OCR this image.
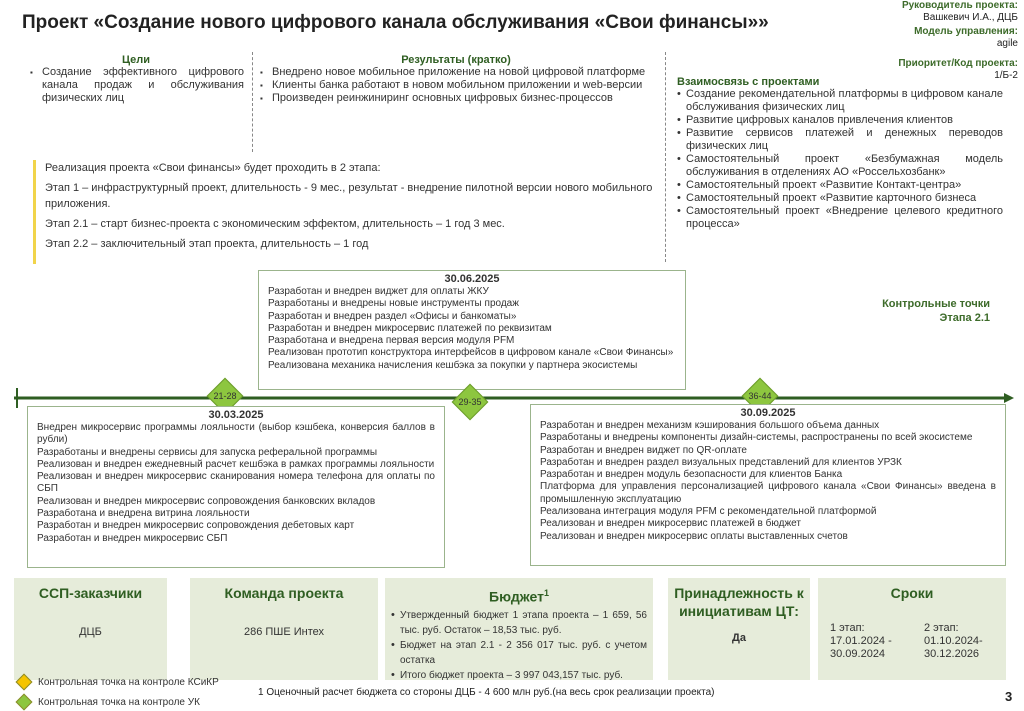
Проект «Создание нового цифрового канала обслуживания «Свои финансы»»
Руководитель проекта:
Вашкевич И.А., ДЦБ
Модель управления:
agile
Приоритет/Код проекта:
1/Б-2
Цели
▪ Создание эффективного цифрового канала продаж и обслуживания физических лиц
Результаты (кратко)
▪ Внедрено новое мобильное приложение на новой цифровой платформе
▪ Клиенты банка работают в новом мобильном приложении и web-версии
▪ Произведен реинжиниринг основных цифровых бизнес-процессов
Взаимосвязь с проектами
• Создание рекомендательной платформы в цифровом канале обслуживания физических лиц
• Развитие цифровых каналов привлечения клиентов
• Развитие сервисов платежей и денежных переводов физических лиц
• Самостоятельный проект «Безбумажная модель обслуживания в отделениях АО «Россельхозбанк»
• Самостоятельный проект «Развитие Контакт-центра»
• Самостоятельный проект «Развитие карточного бизнеса
• Самостоятельный проект «Внедрение целевого кредитного процесса»

Реализация проекта «Свои финансы» будет проходить в 2 этапа:

Этап 1 – инфраструктурный проект, длительность - 9 мес., результат - внедрение пилотной версии нового мобильного приложения.

Этап 2.1 – старт бизнес-проекта с экономическим эффектом, длительность – 1 год 3 мес.

Этап 2.2 – заключительный этап проекта, длительность – 1 год

30.06.2025
Разработан и внедрен виджет для оплаты ЖКУ
Разработаны и внедрены новые инструменты продаж
Разработан и внедрен раздел «Офисы и банкоматы»
Разработан и внедрен микросервис платежей по реквизитам
Разработана и внедрена первая версия модуля PFM
Реализован прототип конструктора интерфейсов в цифровом канале «Свои Финансы»
Реализована механика начисления кешбэка за покупки у партнера экосистемы
Контрольные точки
Этапа 2.1
21-28
29-35
36-44
30.03.2025
Внедрен микросервис программы лояльности (выбор кэшбека, конверсия баллов в рубли)
Разработаны и внедрены сервисы для запуска реферальной программы
Реализован и внедрен ежедневный расчет кешбэка в рамках программы лояльности
Реализован и внедрен микросервис сканирования номера телефона для оплаты по СБП
Реализован и внедрен микросервис сопровождения банковских вкладов
Разработана и внедрена витрина лояльности
Разработан и внедрен микросервис сопровождения дебетовых карт
Разработан и внедрен микросервис СБП
30.09.2025
Разработан и внедрен механизм кэширования большого объема данных
Разработаны и внедрены компоненты дизайн-системы, распространены по всей экосистеме
Разработан и внедрен виджет по QR-оплате
Разработан и внедрен раздел визуальных представлений для клиентов УРЗК
Разработан и внедрен модуль безопасности для клиентов Банка
Платформа для управления персонализацией цифрового канала «Свои Финансы» введена в промышленную эксплуатацию
Реализована интеграция модуля PFM с рекомендательной платформой
Реализован и внедрен микросервис платежей в бюджет
Реализован и внедрен микросервис оплаты выставленных счетов
ССП-заказчики
ДЦБ
Команда проекта
286 ПШЕ Интех
Бюджет$^1$
• Утвержденный бюджет 1 этапа проекта – 1 659, 56 тыс. руб. Остаток – 18,53 тыс. руб.
• Бюджет на этап 2.1 - 2 356 017 тыс. руб. с учетом остатка
• Итого бюджет проекта – 3 997 043,157 тыс. руб.
Принадлежность к инициативам ЦТ:
Да
Сроки
1 этап:
17.01.2024 - 30.09.2024
2 этап:
01.10.2024-30.12.2026
Контрольная точка на контроле КСиКР
Контрольная точка на контроле УК
1 Оценочный расчет бюджета со стороны ДЦБ - 4 600 млн руб.(на весь срок реализации проекта)	3
